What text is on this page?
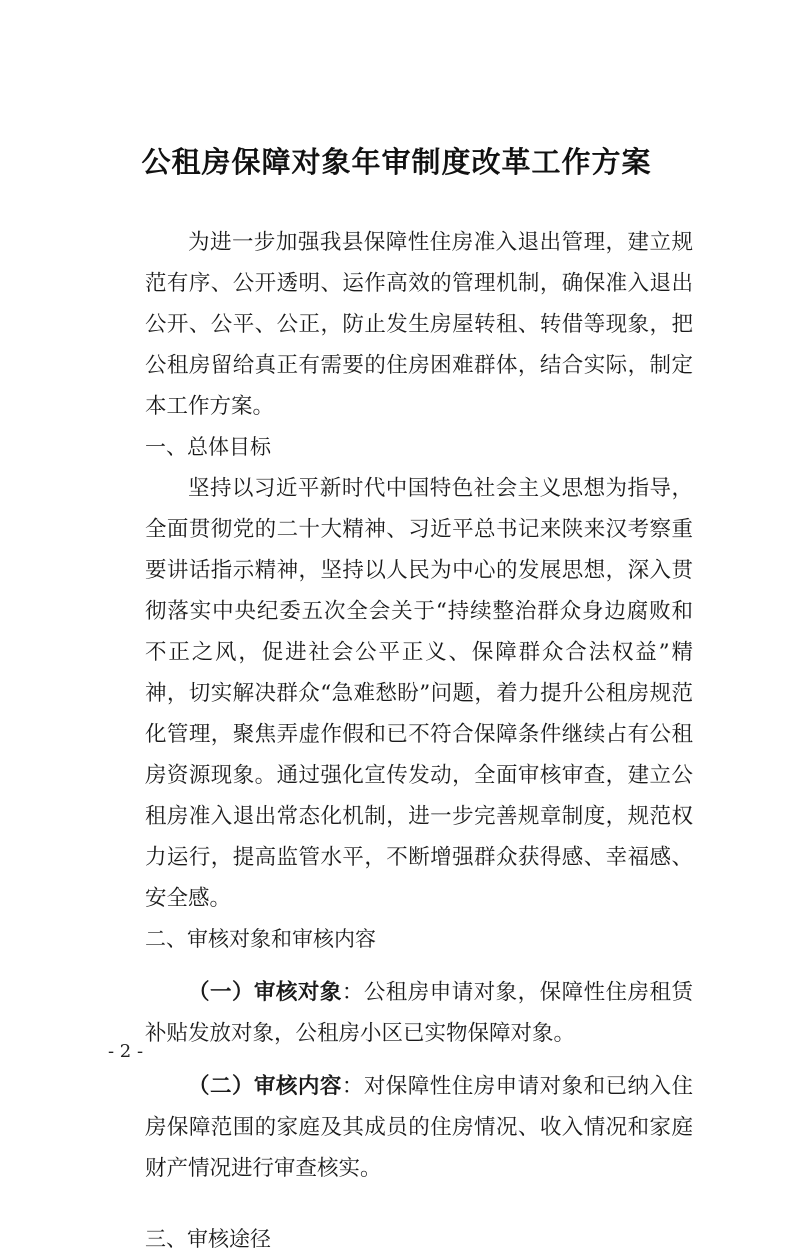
公租房保障对象年审制度改革工作方案

为进一步加强我县保障性住房准入退出管理，建立规范有序、公开透明、运作高效的管理机制，确保准入退出公开、公平、公正，防止发生房屋转租、转借等现象，把公租房留给真正有需要的住房困难群体，结合实际，制定本工作方案。

一、总体目标

坚持以习近平新时代中国特色社会主义思想为指导，全面贯彻党的二十大精神、习近平总书记来陕来汉考察重要讲话指示精神，坚持以人民为中心的发展思想，深入贯彻落实中央纪委五次全会关于“持续整治群众身边腐败和不正之风，促进社会公平正义、保障群众合法权益”精神，切实解决群众“急难愁盼”问题，着力提升公租房规范化管理，聚焦弄虚作假和已不符合保障条件继续占有公租房资源现象。通过强化宣传发动，全面审核审查，建立公租房准入退出常态化机制，进一步完善规章制度，规范权力运行，提高监管水平，不断增强群众获得感、幸福感、安全感。

二、审核对象和审核内容

（一）审核对象：公租房申请对象，保障性住房租赁补贴发放对象，公租房小区已实物保障对象。

（二）审核内容：对保障性住房申请对象和已纳入住房保障范围的家庭及其成员的住房情况、收入情况和家庭财产情况进行审查核实。

三、审核途径

- 2 -
